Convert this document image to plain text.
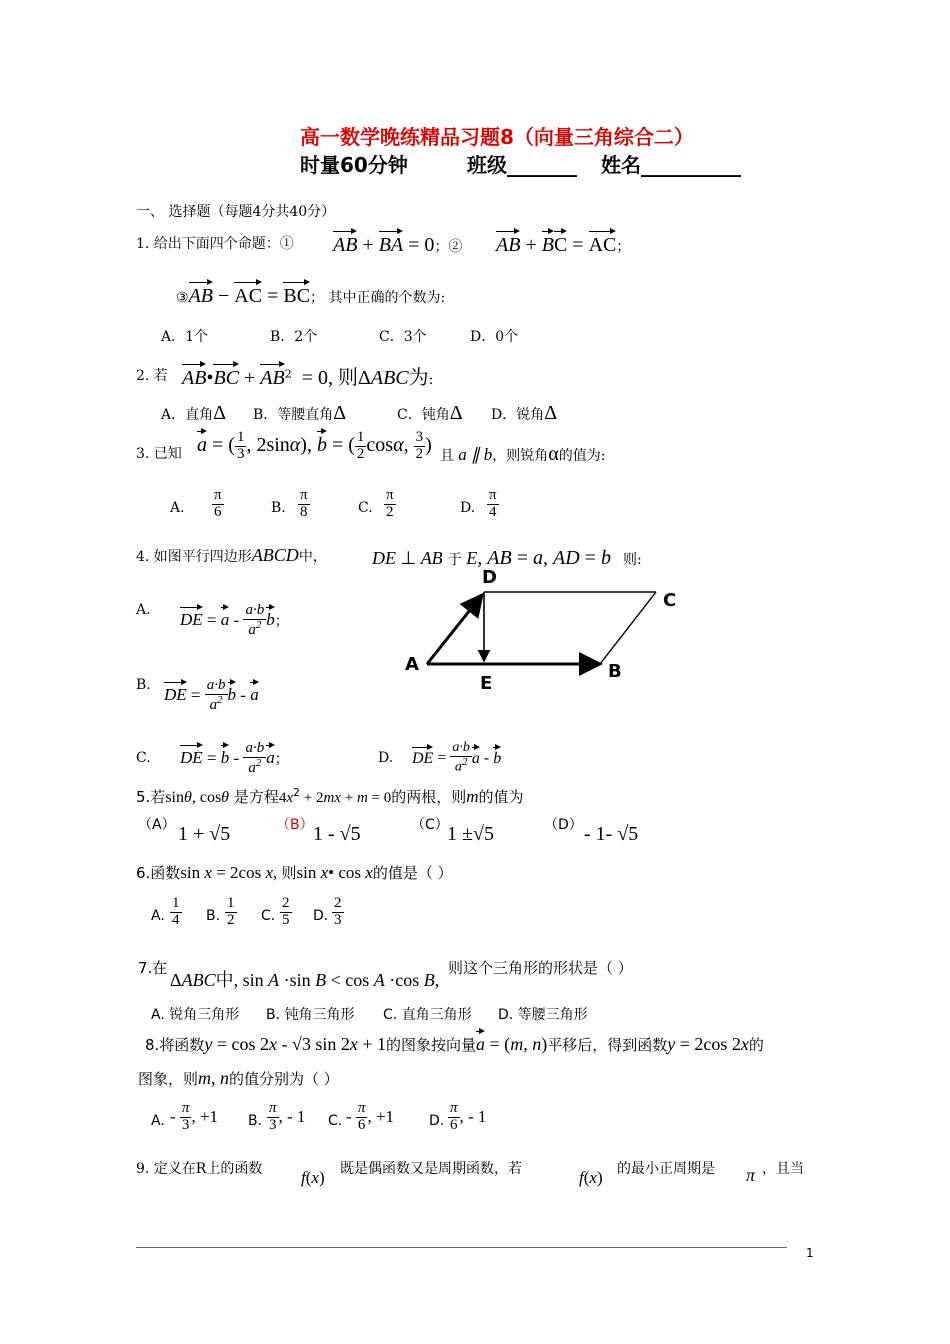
高一数学晚练精品习题8（向量三角综合二）
时量60分钟	班级_______ 姓名__________
一、 选择题（每题4分共40分）
1. 给出下面四个命题：① AB + BA = 0；② AB + BC = AC；
③AB − AC = BC； 其中正确的个数为:
A．1个	B．2个	C．3个	D．0个
2. 若 AB•BC + $AB^2 = 0$, 则ΔABC为:
A．直角Δ B．等腰直角Δ	C．钝角Δ D．锐角Δ
3. 已知 a = ( $\frac{1}{3}$ , 2sinα), b = ( $\frac{1}{2} \cos\alpha$, $\frac{3}{2}$ )
且 a ∥ b，则锐角α的值为:
A. $\frac{\pi}{6}$	B. $\frac{\pi}{8}$	C. $\frac{\pi}{2}$	D. $\frac{\pi}{4}$
4. 如图平行四边形ABCD中，	DE ⊥ AB 于 E, AB = a, AD = b 则:
D
C
A	B
E
A.
DE = a - $\frac{a\cdot b}{a^2}$ b；
B.
DE = $\frac{a\cdot b}{a^2}$ b - a
C. DE = b - $\frac{a\cdot b}{a^2}$ a；	D. DE = $\frac{a\cdot b}{a^2}$ a - b
5.若sinθ, cosθ 是方程$4x^2 + 2mx + m = 0$的两根，则m的值为
（A） 1 + √5	（B） 1 - √5	（C）
1 ±√5	（D） - 1- √5
6.函数sin x = 2cos x, 则sin x• cos x的值是（ ）
A. $\frac{1}{4} B$. $\frac{1}{2} C$. $\frac{2}{5} D$. $\frac{2}{3}$
7.在
ΔABC中, sin A ·sin B < cos A ·cos B,
则这个三角形的形状是（ ）
A. 锐角三角形 B. 钝角三角形 C. 直角三角形 D. 等腰三角形
8.将函数y = cos 2x - √3 sin 2x + 1的图象按向量a = (m, n)平移后，得到函数y = 2cos 2x的
图象，则m, n的值分别为（ ）
A. - $\frac{\pi}{3}$ , +1 B. $\frac{\pi}{3}$ , - 1 C. - $\frac{\pi}{6}$ , +1 D. $\frac{\pi}{6}$ , - 1
9. 定义在R上的函数 f(x) 既是偶函数又是周期函数，若	f(x) 的最小正周期是 π ，且当
1
